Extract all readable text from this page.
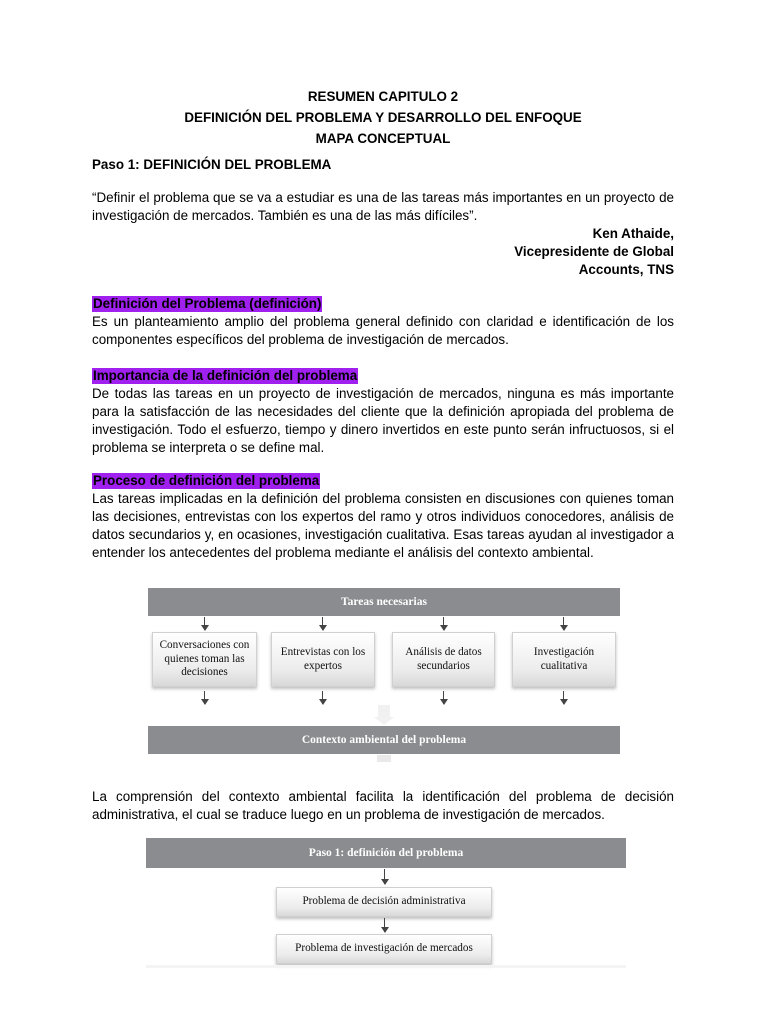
RESUMEN CAPITULO 2
DEFINICIÓN DEL PROBLEMA Y DESARROLLO DEL ENFOQUE
MAPA CONCEPTUAL
Paso 1: DEFINICIÓN DEL PROBLEMA
“Definir el problema que se va a estudiar es una de las tareas más importantes en un proyecto de investigación de mercados. También es una de las más difíciles”.
Ken Athaide,
Vicepresidente de Global
Accounts, TNS
Definición del Problema (definición)
Es un planteamiento amplio del problema general definido con claridad e identificación de los componentes específicos del problema de investigación de mercados.
Importancia de la definición del problema
De todas las tareas en un proyecto de investigación de mercados, ninguna es más importante para la satisfacción de las necesidades del cliente que la definición apropiada del problema de investigación. Todo el esfuerzo, tiempo y dinero invertidos en este punto serán infructuosos, si el problema se interpreta o se define mal.
Proceso de definición del problema
Las tareas implicadas en la definición del problema consisten en discusiones con quienes toman las decisiones, entrevistas con los expertos del ramo y otros individuos conocedores, análisis de datos secundarios y, en ocasiones, investigación cualitativa. Esas tareas ayudan al investigador a entender los antecedentes del problema mediante el análisis del contexto ambiental.
Tareas necesarias
Conversaciones con quienes toman las decisiones
Entrevistas con los expertos
Análisis de datos secundarios
Investigación cualitativa
Contexto ambiental del problema
La comprensión del contexto ambiental facilita la identificación del problema de decisión administrativa, el cual se traduce luego en un problema de investigación de mercados.
Paso 1: definición del problema
Problema de decisión administrativa
Problema de investigación de mercados
